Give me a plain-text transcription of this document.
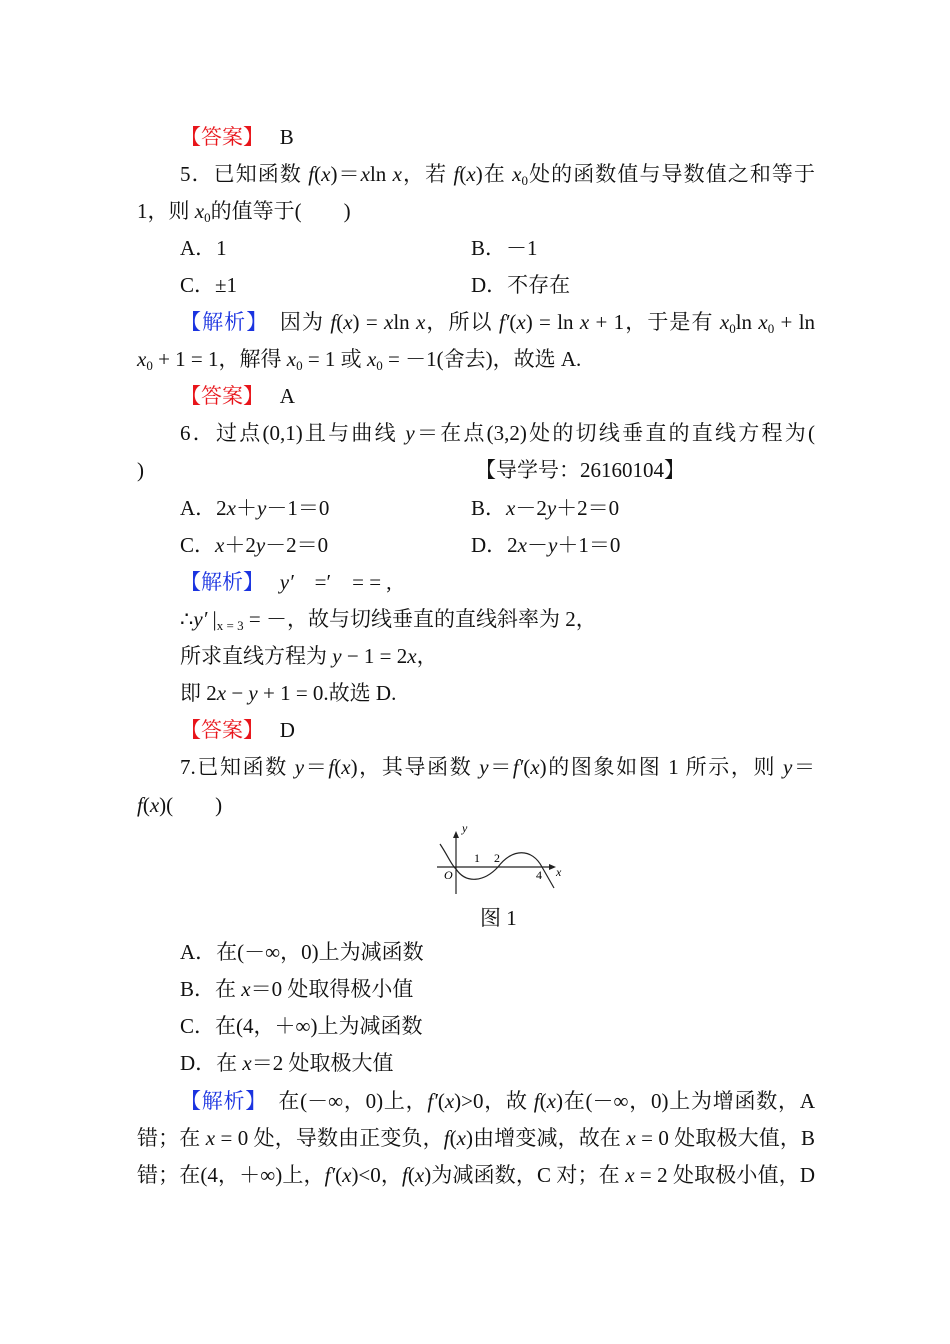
【答案】　 B
5．已知函数 f(x)＝xln x，若 f(x)在 $x_0$处的函数值与导数值之和等于
1，则 $x_0$的值等于(　　)
A．1	B．－1
C．±1	D．不存在
【解析】　因为 f(x) = xln x，所以 f′(x) = ln x + 1，于是有 $x_0\ln$ $x_0 + \ln$
$x_0 + 1 = 1$，解得 $x_0 = 1$ 或 $x_0 = -1$(舍去)，故选 A.
【答案】　 A
6．过点(0,1)且与曲线 y＝在点(3,2)处的切线垂直的直线方程为(
)	【导学号：26160104】
A．2x＋y－1＝0	B．x－2y＋2＝0
C．x＋2y－2＝0	D．2x－y＋1＝0
【解析】　 y′　=′　= = ,
∴y′ $|_{x = 3}$ = －，故与切线垂直的直线斜率为 2，
所求直线方程为 y − 1 = 2x，
即 2x − y + 1 = 0.故选 D.
【答案】　 D
7.已知函数 y＝f(x)，其导函数 y＝f′(x)的图象如图 1 所示，则 y＝
f(x)(　　)
A．在(－∞，0)上为减函数
B．在 x＝0 处取得极小值
C．在(4，＋∞)上为减函数
D．在 x＝2 处取极大值
【解析】　在(－∞，0)上，f′(x)>0，故 f(x)在(－∞，0)上为增函数，A
错；在 x = 0 处，导数由正变负，f(x)由增变减，故在 x = 0 处取极大值，B
错；在(4，＋∞)上，f′(x)<0，f(x)为减函数，C 对；在 x = 2 处取极小值，D
y
x
O
1 2
4
图 1
